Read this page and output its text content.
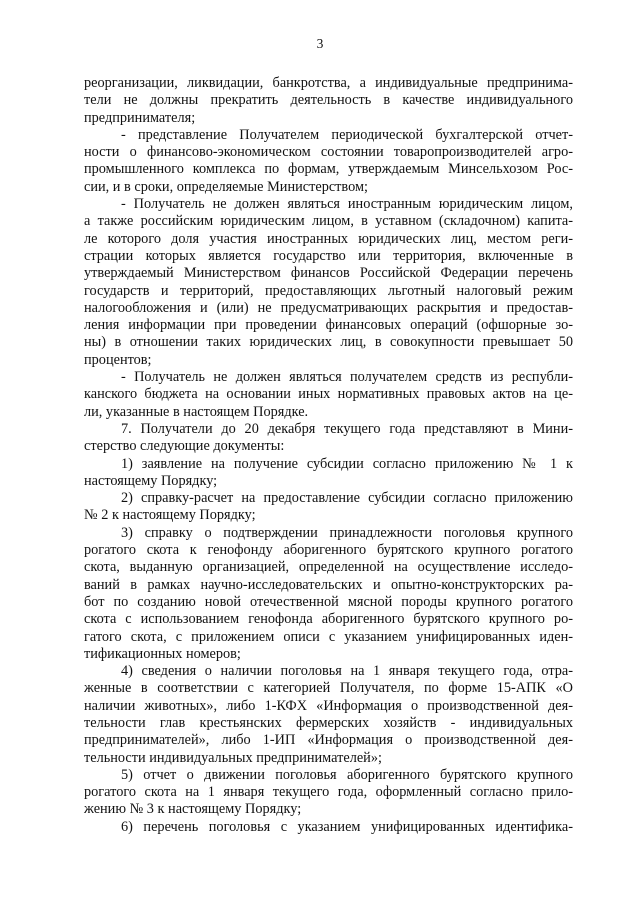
3
реорганизации, ликвидации, банкротства, а индивидуальные предпринима-
тели не должны прекратить деятельность в качестве индивидуального
предпринимателя;
- представление Получателем периодической бухгалтерской отчет-
ности о финансово-экономическом состоянии товаропроизводителей агро-
промышленного комплекса по формам, утверждаемым Минсельхозом Рос-
сии, и в сроки, определяемые Министерством;
- Получатель не должен являться иностранным юридическим лицом,
а также российским юридическим лицом, в уставном (складочном) капита-
ле которого доля участия иностранных юридических лиц, местом реги-
страции которых является государство или территория, включенные в
утверждаемый Министерством финансов Российской Федерации перечень
государств и территорий, предоставляющих льготный налоговый режим
налогообложения и (или) не предусматривающих раскрытия и предостав-
ления информации при проведении финансовых операций (офшорные зо-
ны) в отношении таких юридических лиц, в совокупности превышает 50
процентов;
- Получатель не должен являться получателем средств из республи-
канского бюджета на основании иных нормативных правовых актов на це-
ли, указанные в настоящем Порядке.
7. Получатели до 20 декабря текущего года представляют в Мини-
стерство следующие документы:
1) заявление на получение субсидии согласно приложению № 1 к
настоящему Порядку;
2) справку-расчет на предоставление субсидии согласно приложению
№ 2 к настоящему Порядку;
3) справку о подтверждении принадлежности поголовья крупного
рогатого скота к генофонду аборигенного бурятского крупного рогатого
скота, выданную организацией, определенной на осуществление исследо-
ваний в рамках научно-исследовательских и опытно-конструкторских ра-
бот по созданию новой отечественной мясной породы крупного рогатого
скота с использованием генофонда аборигенного бурятского крупного ро-
гатого скота, с приложением описи с указанием унифицированных иден-
тификационных номеров;
4) сведения о наличии поголовья на 1 января текущего года, отра-
женные в соответствии с категорией Получателя, по форме 15-АПК «О
наличии животных», либо 1-КФХ «Информация о производственной дея-
тельности глав крестьянских фермерских хозяйств - индивидуальных
предпринимателей», либо 1-ИП «Информация о производственной дея-
тельности индивидуальных предпринимателей»;
5) отчет о движении поголовья аборигенного бурятского крупного
рогатого скота на 1 января текущего года, оформленный согласно прило-
жению № 3 к настоящему Порядку;
6) перечень поголовья с указанием унифицированных идентифика-
